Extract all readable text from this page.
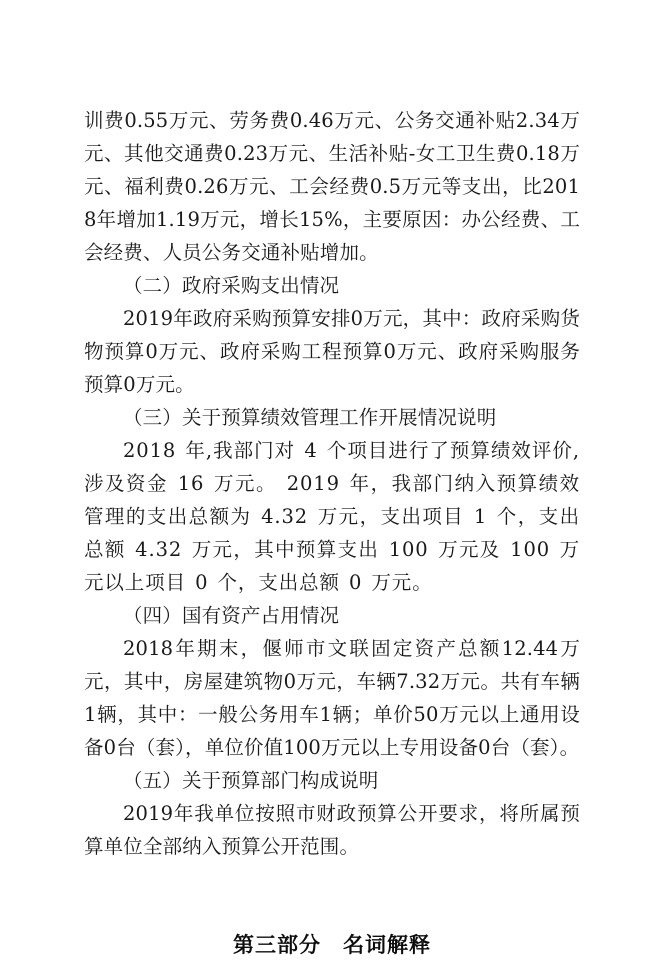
训费0.55万元、劳务费0.46万元、公务交通补贴2.34万元、其他交通费0.23万元、生活补贴-女工卫生费0.18万元、福利费0.26万元、工会经费0.5万元等支出，比2018年增加1.19万元，增长15%，主要原因：办公经费、工会经费、人员公务交通补贴增加。

（二）政府采购支出情况

2019年政府采购预算安排0万元，其中：政府采购货物预算0万元、政府采购工程预算0万元、政府采购服务预算0万元。

（三）关于预算绩效管理工作开展情况说明

2018 年,我部门对 4 个项目进行了预算绩效评价,涉及资金 16 万元。 2019 年，我部门纳入预算绩效管理的支出总额为 4.32 万元，支出项目 1 个，支出总额 4.32 万元，其中预算支出 100 万元及 100 万元以上项目 0 个，支出总额 0 万元。

（四）国有资产占用情况

2018年期末，偃师市文联固定资产总额12.44万元，其中，房屋建筑物0万元，车辆7.32万元。共有车辆1辆，其中：一般公务用车1辆；单价50万元以上通用设备0台（套），单位价值100万元以上专用设备0台（套）。

（五）关于预算部门构成说明

2019年我单位按照市财政预算公开要求，将所属预算单位全部纳入预算公开范围。

第三部分　名词解释
